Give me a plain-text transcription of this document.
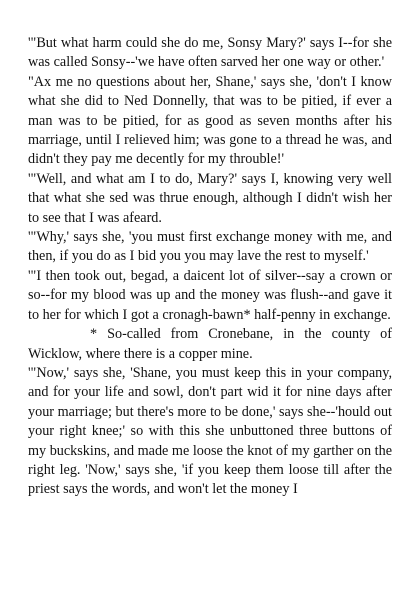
'"But what harm could she do me, Sonsy Mary?' says I--for she was called Sonsy--'we have often sarved her one way or other.'

"Ax me no questions about her, Shane,' says she, 'don't I know what she did to Ned Donnelly, that was to be pitied, if ever a man was to be pitied, for as good as seven months after his marriage, until I relieved him; was gone to a thread he was, and didn't they pay me decently for my throuble!'

'"Well, and what am I to do, Mary?' says I, knowing very well that what she sed was thrue enough, although I didn't wish her to see that I was afeard.

'"Why,' says she, 'you must first exchange money with me, and then, if you do as I bid you you may lave the rest to myself.'

'"I then took out, begad, a daicent lot of silver--say a crown or so--for my blood was up and the money was flush--and gave it to her for which I got a cronagh-bawn* half-penny in exchange.

* So-called from Cronebane, in the county of Wicklow, where there is a copper mine.

'"Now,' says she, 'Shane, you must keep this in your company, and for your life and sowl, don't part wid it for nine days after your marriage; but there's more to be done,' says she--'hould out your right knee;' so with this she unbuttoned three buttons of my buckskins, and made me loose the knot of my garther on the right leg. 'Now,' says she, 'if you keep them loose till after the priest says the words, and won't let the money I
